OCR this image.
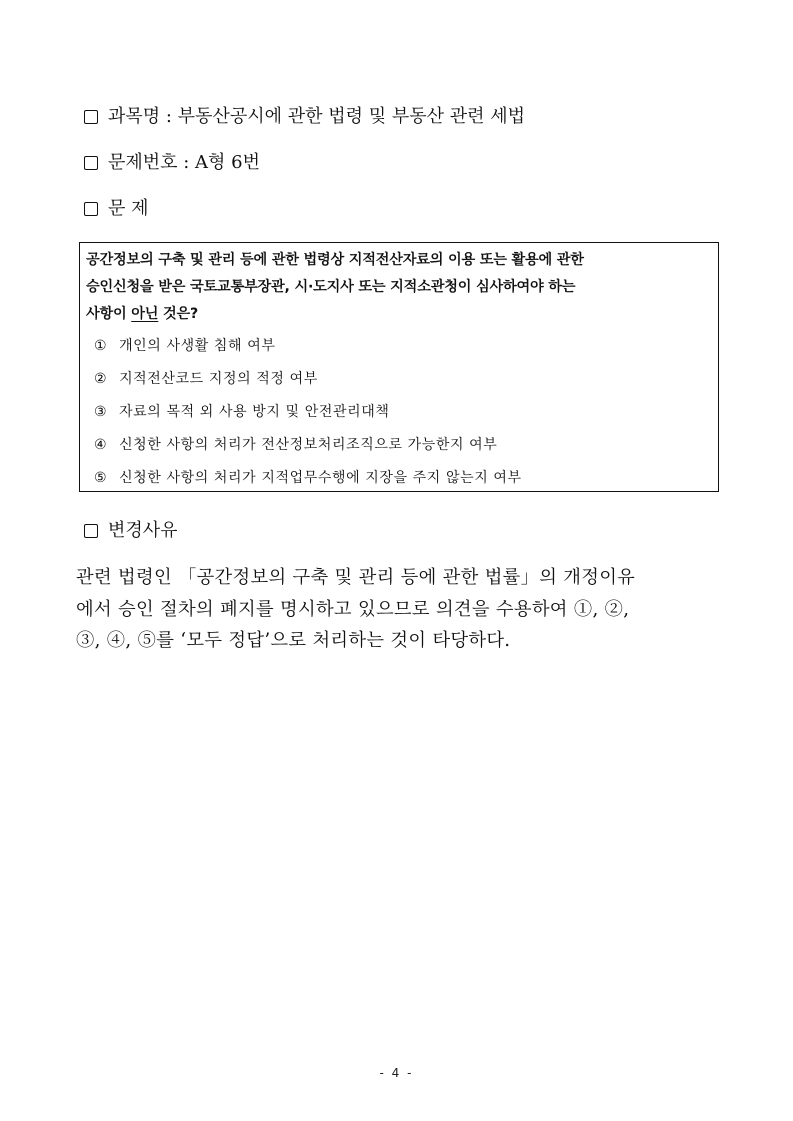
과목명 : 부동산공시에 관한 법령 및 부동산 관련 세법
문제번호 : A형 6번
문 제
공간정보의 구축 및 관리 등에 관한 법령상 지적전산자료의 이용 또는 활용에 관한
승인신청을 받은 국토교통부장관, 시·도지사 또는 지적소관청이 심사하여야 하는
사항이 아닌 것은?
① 개인의 사생활 침해 여부
② 지적전산코드 지정의 적정 여부
③ 자료의 목적 외 사용 방지 및 안전관리대책
④ 신청한 사항의 처리가 전산정보처리조직으로 가능한지 여부
⑤ 신청한 사항의 처리가 지적업무수행에 지장을 주지 않는지 여부
변경사유
관련 법령인 「공간정보의 구축 및 관리 등에 관한 법률」의 개정이유
에서 승인 절차의 폐지를 명시하고 있으므로 의견을 수용하여 ①, ②,
③, ④, ⑤를 ‘모두 정답’으로 처리하는 것이 타당하다.
- 4 -
